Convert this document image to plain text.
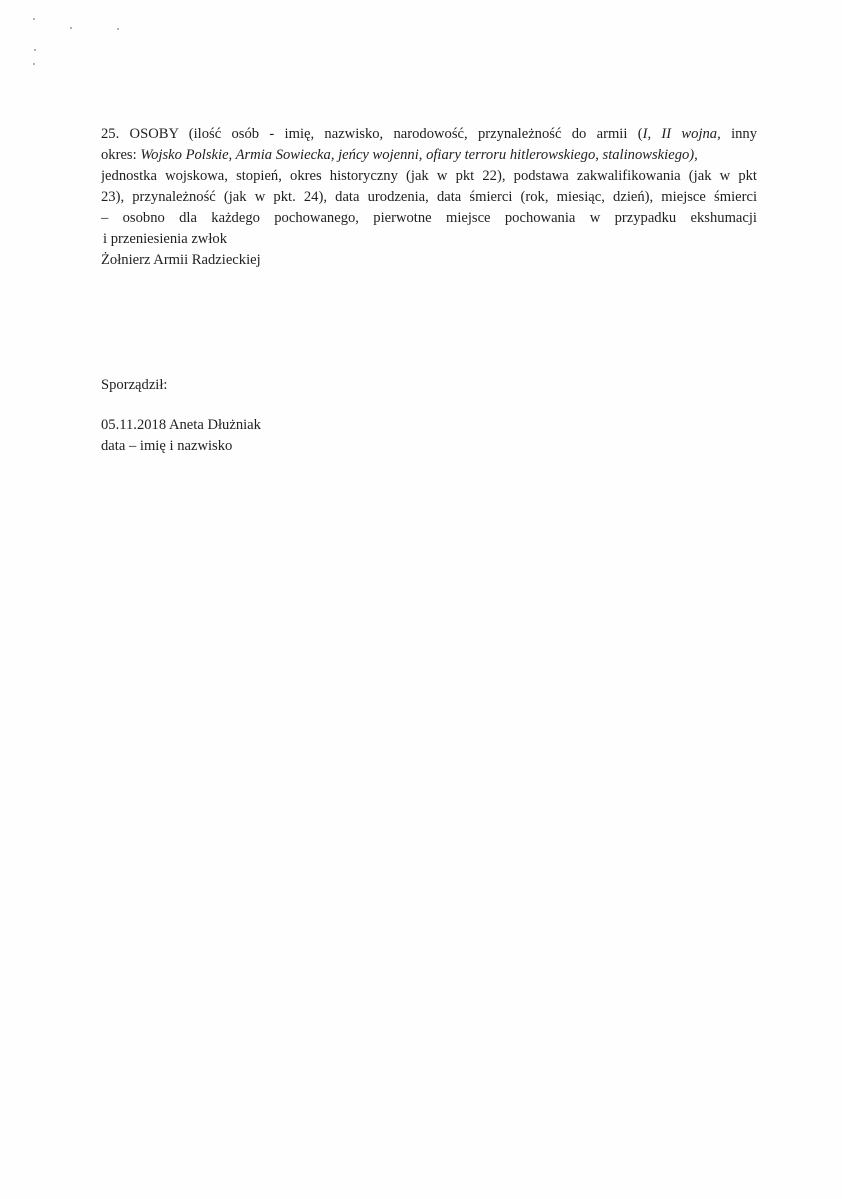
25. OSOBY (ilość osób - imię, nazwisko, narodowość, przynależność do armii (I, II wojna, inny
okres: Wojsko Polskie, Armia Sowiecka, jeńcy wojenni, ofiary terroru hitlerowskiego, stalinowskiego),
jednostka wojskowa, stopień, okres historyczny (jak w pkt 22), podstawa zakwalifikowania (jak w pkt
23), przynależność (jak w pkt. 24), data urodzenia, data śmierci (rok, miesiąc, dzień), miejsce śmierci
– osobno dla każdego pochowanego, pierwotne miejsce pochowania w przypadku ekshumacji
i przeniesienia zwłok
Żołnierz Armii Radzieckiej
Sporządził:
05.11.2018 Aneta Dłużniak
data – imię i nazwisko
